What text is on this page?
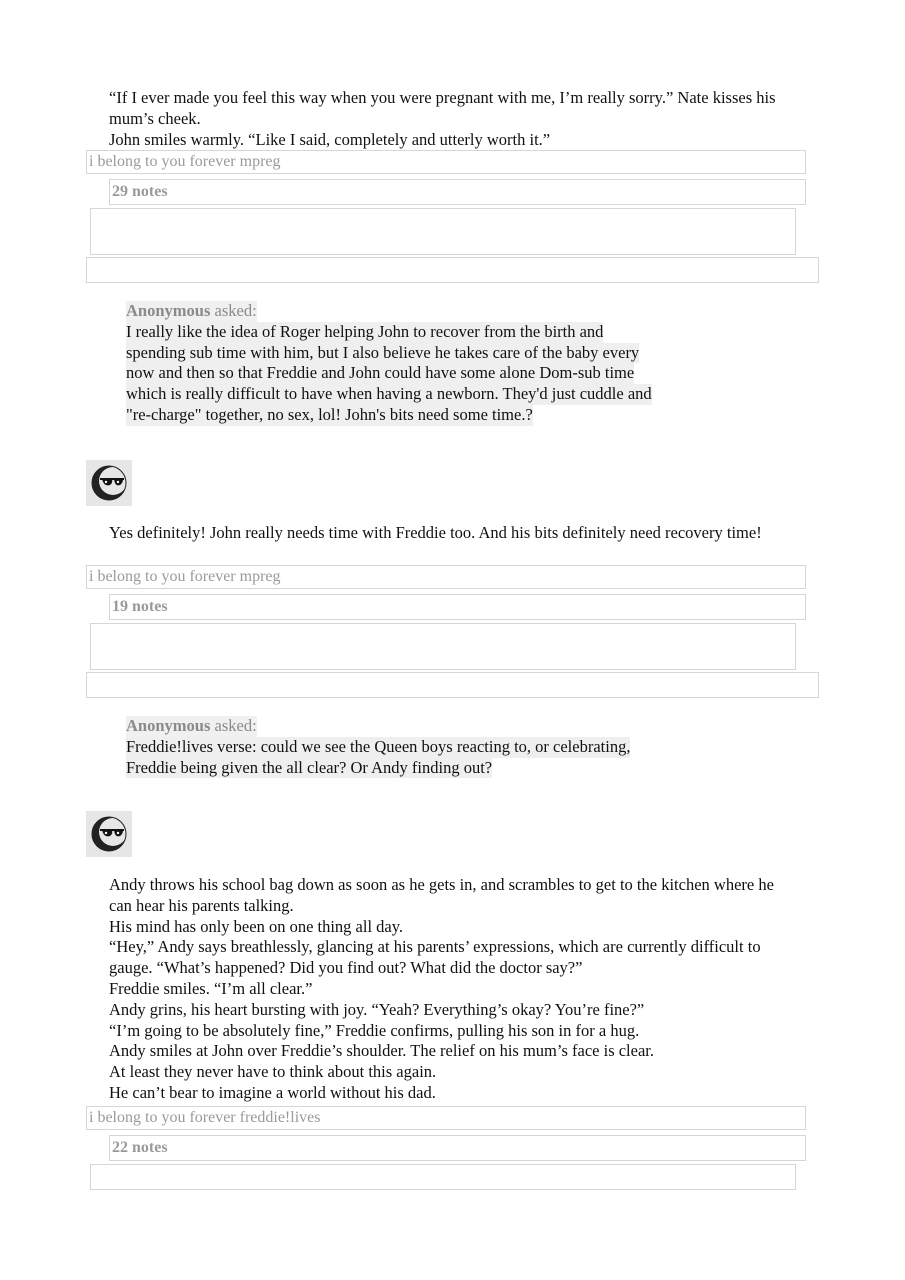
“If I ever made you feel this way when you were pregnant with me, I’m really sorry.” Nate kisses his mum’s cheek.

John smiles warmly. “Like I said, completely and utterly worth it.”

i belong to you forever mpreg
29 notes
Anonymous asked:
I really like the idea of Roger helping John to recover from the birth and
spending sub time with him, but I also believe he takes care of the baby every
now and then so that Freddie and John could have some alone Dom-sub time
which is really difficult to have when having a newborn. They'd just cuddle and
"re-charge" together, no sex, lol! John's bits need some time.?

Yes definitely! John really needs time with Freddie too. And his bits definitely need recovery time!

i belong to you forever mpreg
19 notes
Anonymous asked:
Freddie!lives verse: could we see the Queen boys reacting to, or celebrating,
Freddie being given the all clear? Or Andy finding out?

Andy throws his school bag down as soon as he gets in, and scrambles to get to the kitchen where he can hear his parents talking.

His mind has only been on one thing all day.

“Hey,” Andy says breathlessly, glancing at his parents’ expressions, which are currently difficult to gauge. “What’s happened? Did you find out? What did the doctor say?”

Freddie smiles. “I’m all clear.”

Andy grins, his heart bursting with joy. “Yeah? Everything’s okay? You’re fine?”

“I’m going to be absolutely fine,” Freddie confirms, pulling his son in for a hug.

Andy smiles at John over Freddie’s shoulder. The relief on his mum’s face is clear.

At least they never have to think about this again.

He can’t bear to imagine a world without his dad.

i belong to you forever freddie!lives
22 notes
